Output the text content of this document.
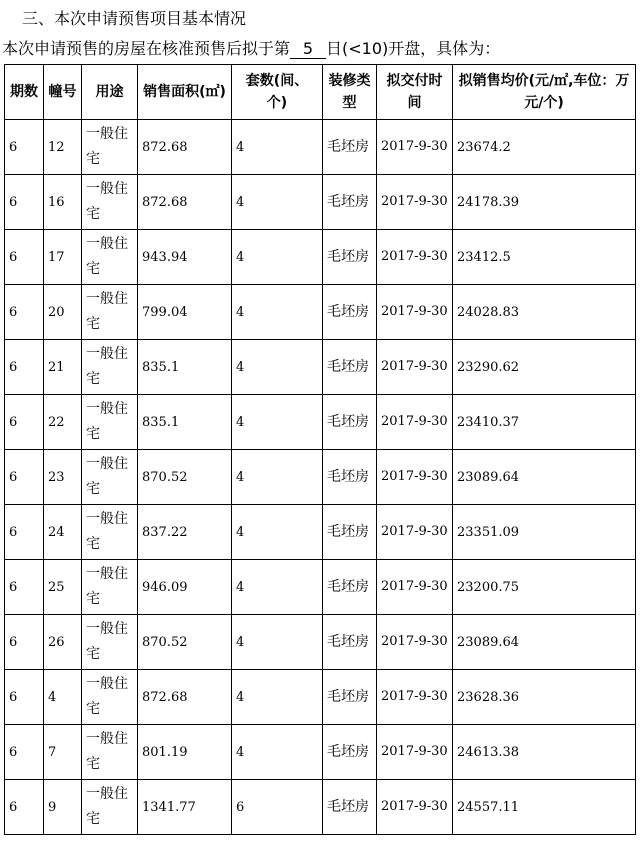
三、本次申请预售项目基本情况
本次申请预售的房屋在核准预售后拟于第 5 日(<10)开盘，具体为：
期数	幢号	用途	销售面积(㎡)	套数(间、个)	装修类型	拟交付时间	拟销售均价(元/㎡,车位：万元/个)
6	12	一般住宅	872.68	4	毛坯房	2017-9-30	23674.2
6	16	一般住宅	872.68	4	毛坯房	2017-9-30	24178.39
6	17	一般住宅	943.94	4	毛坯房	2017-9-30	23412.5
6	20	一般住宅	799.04	4	毛坯房	2017-9-30	24028.83
6	21	一般住宅	835.1	4	毛坯房	2017-9-30	23290.62
6	22	一般住宅	835.1	4	毛坯房	2017-9-30	23410.37
6	23	一般住宅	870.52	4	毛坯房	2017-9-30	23089.64
6	24	一般住宅	837.22	4	毛坯房	2017-9-30	23351.09
6	25	一般住宅	946.09	4	毛坯房	2017-9-30	23200.75
6	26	一般住宅	870.52	4	毛坯房	2017-9-30	23089.64
6	4	一般住宅	872.68	4	毛坯房	2017-9-30	23628.36
6	7	一般住宅	801.19	4	毛坯房	2017-9-30	24613.38
6	9	一般住宅	1341.77	6	毛坯房	2017-9-30	24557.11
